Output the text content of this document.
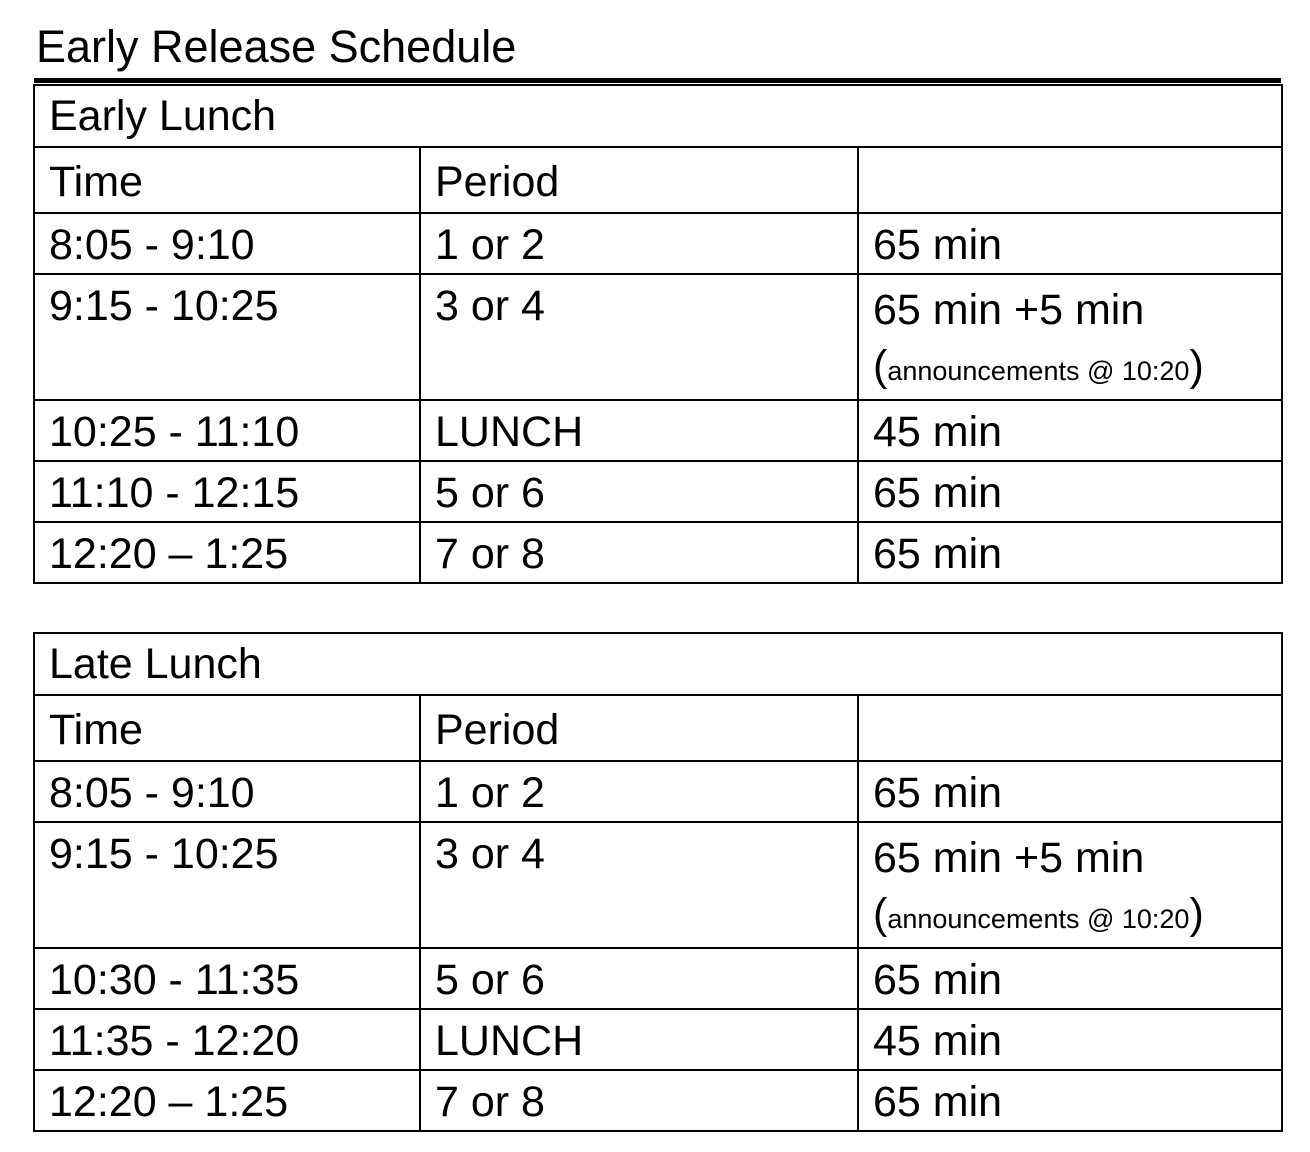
Early Release Schedule
Early Lunch		
Time	Period	
8:05 - 9:10	1 or 2	65 min
9:15 - 10:25	3 or 4	65 min +5 min
(announcements @ 10:20)

10:25 - 11:10	LUNCH	45 min
11:10 - 12:15	5 or 6	65 min
12:20 – 1:25	7 or 8	65 min
Late Lunch		
Time	Period	
8:05 - 9:10	1 or 2	65 min
9:15 - 10:25	3 or 4	65 min +5 min
(announcements @ 10:20)

10:30 - 11:35	5 or 6	65 min
11:35 - 12:20	LUNCH	45 min
12:20 – 1:25	7 or 8	65 min
